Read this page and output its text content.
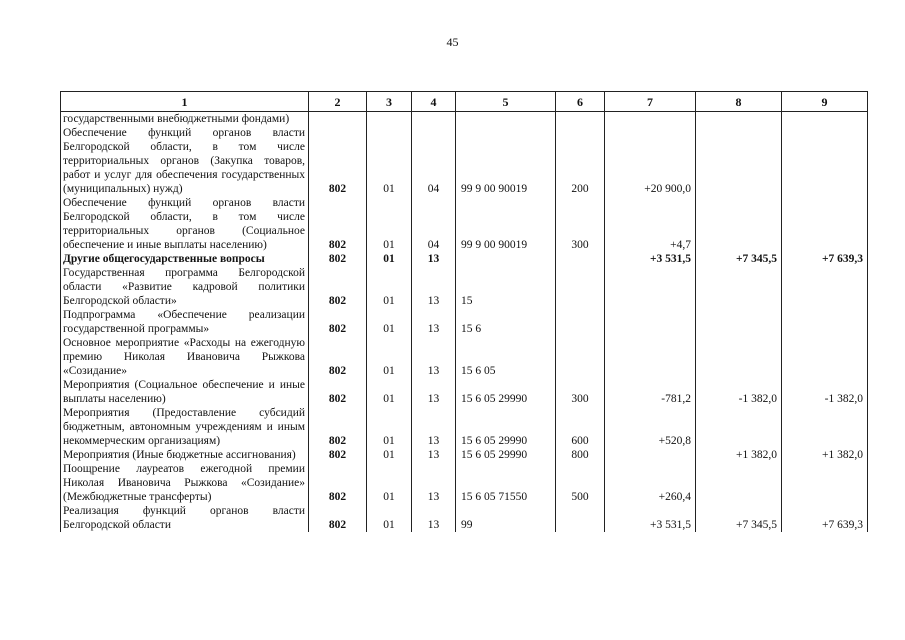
45
1	2	3	4	5	6	7	8	9
государственными внебюджетными фондами)								
Обеспечение функций органов власти Белгородской области, в том числе территориальных органов (Закупка товаров, работ и услуг для обеспечения государственных (муниципальных) нужд)	802	01	04	99 9 00 90019	200	+20 900,0		
Обеспечение функций органов власти Белгородской области, в том числе территориальных органов (Социальное обеспечение и иные выплаты населению)	802	01	04	99 9 00 90019	300	+4,7		
Другие общегосударственные вопросы	802	01	13			+3 531,5	+7 345,5	+7 639,3
Государственная программа Белгородской области «Развитие кадровой политики Белгородской области»	802	01	13	15				
Подпрограмма «Обеспечение реализации государственной программы»	802	01	13	15 6				
Основное мероприятие «Расходы на ежегодную премию Николая Ивановича Рыжкова «Созидание»	802	01	13	15 6 05				
Мероприятия (Социальное обеспечение и иные выплаты населению)	802	01	13	15 6 05 29990	300	-781,2	-1 382,0	-1 382,0
Мероприятия (Предоставление субсидий бюджетным, автономным учреждениям и иным некоммерческим организациям)	802	01	13	15 6 05 29990	600	+520,8		
Мероприятия (Иные бюджетные ассигнования)	802	01	13	15 6 05 29990	800		+1 382,0	+1 382,0
Поощрение лауреатов ежегодной премии Николая Ивановича Рыжкова «Созидание» (Межбюджетные трансферты)	802	01	13	15 6 05 71550	500	+260,4		
Реализация функций органов власти Белгородской области	802	01	13	99		+3 531,5	+7 345,5	+7 639,3
